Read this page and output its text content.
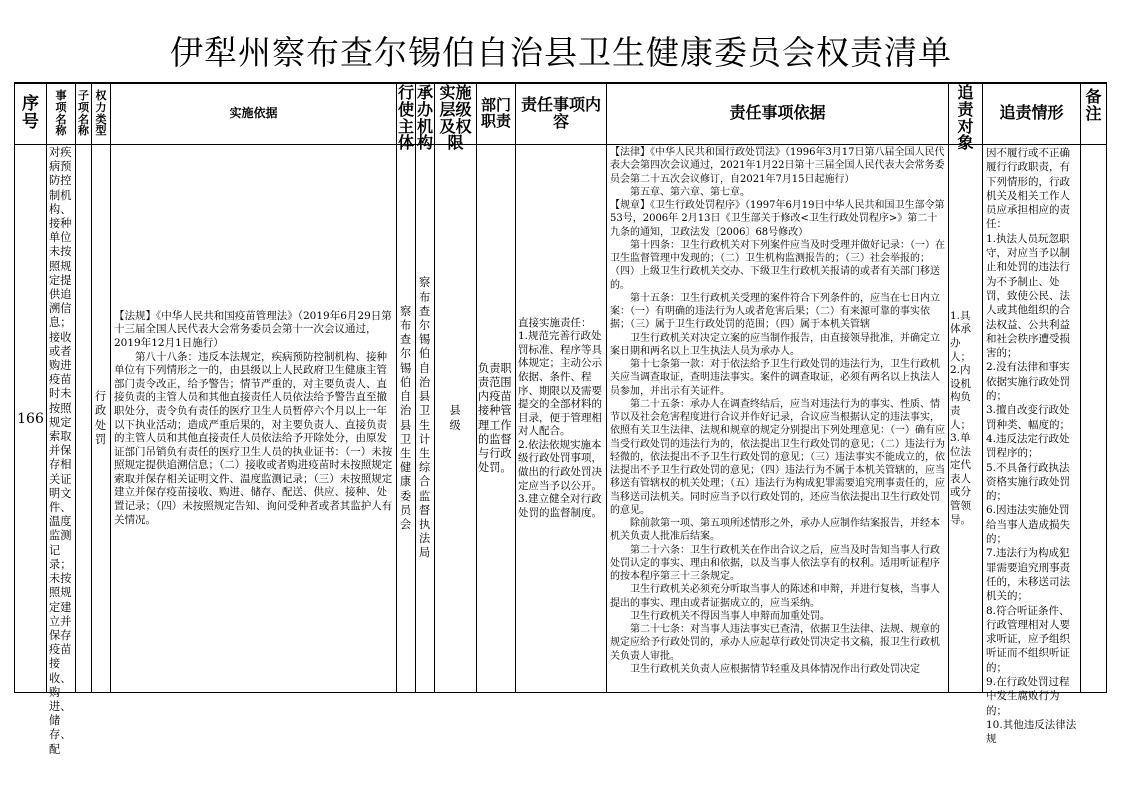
伊犁州察布查尔锡伯自治县卫生健康委员会权责清单
序号
事项名称
子项名称
权力类型
实施依据
行使主体
承办机构
实施层级及权限
部门职责
责任事项内容	责任事项依据
追责对象
追责情形
备注
166
对疾病预防控制机构、接种单位未按照规定提供追溯信息；接收或者购进疫苗时未按照规定索取并保存相关证明文件、温度监测记录；未按照规定建立并保存疫苗接收、购进、储存、配
行政处罚

【法规】《中华人民共和国疫苗管理法》（2019年6月29日第十三届全国人民代表大会常务委员会第十一次会议通过，2019年12月1日施行）

第八十八条：违反本法规定，疾病预防控制机构、接种单位有下列情形之一的，由县级以上人民政府卫生健康主管部门责令改正，给予警告；情节严重的，对主要负责人、直接负责的主管人员和其他直接责任人员依法给予警告直至撤职处分，责令负有责任的医疗卫生人员暂停六个月以上一年以下执业活动；造成严重后果的，对主要负责人、直接负责的主管人员和其他直接责任人员依法给予开除处分，由原发证部门吊销负有责任的医疗卫生人员的执业证书：（一）未按照规定提供追溯信息；（二）接收或者购进疫苗时未按照规定索取并保存相关证明文件、温度监测记录；（三）未按照规定建立并保存疫苗接收、购进、储存、配送、供应、接种、处置记录；（四）未按照规定告知、询问受种者或者其监护人有关情况。

察布查尔锡伯自治县卫生健康委员会
察布查尔锡伯自治县卫生计生综合监督执法局
县级
负责职责范围内疫苗接种管理工作的监督与行政处罚。
直接实施责任：
1.规范完善行政处罚标准、程序等具体规定；主动公示依据、条件、程序、期限以及需要提交的全部材料的目录，便于管理相对人配合。
2.依法依规实施本级行政处罚事项，做出的行政处罚决定应当予以公开。
3.建立健全对行政处罚的监督制度。

【法律】《中华人民共和国行政处罚法》（1996年3月17日第八届全国人民代表大会第四次会议通过，2021年1月22日第十三届全国人民代表大会常务委员会第二十五次会议修订，自2021年7月15日起施行）

第五章、第六章、第七章。

【规章】《卫生行政处罚程序》（1997年6月19日中华人民共和国卫生部令第53号，2006年 2月13日《卫生部关于修改<卫生行政处罚程序>》第二十九条的通知，卫政法发〔2006〕68号修改）

第十四条：卫生行政机关对下列案件应当及时受理并做好记录：（一）在卫生监督管理中发现的；（二）卫生机构监测报告的；（三）社会举报的；（四）上级卫生行政机关交办、下级卫生行政机关报请的或者有关部门移送的。

第十五条：卫生行政机关受理的案件符合下列条件的，应当在七日内立案：（一）有明确的违法行为人或者危害后果；（二）有来源可靠的事实依据；（三）属于卫生行政处罚的范围；（四）属于本机关管辖

卫生行政机关对决定立案的应当制作报告，由直接领导批准，并确定立案日期和两名以上卫生执法人员为承办人。

第十七条第一款：对于依法给予卫生行政处罚的违法行为，卫生行政机关应当调查取证，查明违法事实。案件的调查取证，必须有两名以上执法人员参加，并出示有关证件。

第二十五条：承办人在调查终结后，应当对违法行为的事实、性质、情节以及社会危害程度进行合议并作好记录，合议应当根据认定的违法事实，依照有关卫生法律、法规和规章的规定分别提出下列处理意见：（一）确有应当受行政处罚的违法行为的，依法提出卫生行政处罚的意见；（二）违法行为轻微的，依法提出不予卫生行政处罚的意见；（三）违法事实不能成立的，依法提出不予卫生行政处罚的意见；（四）违法行为不属于本机关管辖的，应当移送有管辖权的机关处理；（五）违法行为构成犯罪需要追究刑事责任的，应当移送司法机关。同时应当予以行政处罚的，还应当依法提出卫生行政处罚的意见。

除前款第一项、第五项所述情形之外，承办人应制作结案报告，并经本机关负责人批准后结案。

第二十六条：卫生行政机关在作出合议之后，应当及时告知当事人行政处罚认定的事实、理由和依据，以及当事人依法享有的权利。适用听证程序的按本程序第三十三条规定。

卫生行政机关必须充分听取当事人的陈述和申辩，并进行复核，当事人提出的事实、理由或者证据成立的，应当采纳。

卫生行政机关不得因当事人申辩而加重处罚。

第二十七条：对当事人违法事实已查清，依据卫生法律、法规、规章的规定应给予行政处罚的，承办人应起草行政处罚决定书文稿，报卫生行政机关负责人审批。

卫生行政机关负责人应根据情节轻重及具体情况作出行政处罚决定

1.具体承办人；
2.内设机构负责人；
3.单位法定代表人或分管领导。
因不履行或不正确履行行政职责，有下列情形的，行政机关及相关工作人员应承担相应的责任：
1.执法人员玩忽职守，对应当予以制止和处罚的违法行为不予制止、处罚，致使公民、法人或其他组织的合法权益、公共利益和社会秩序遭受损害的；
2.没有法律和事实依据实施行政处罚的；
3.擅自改变行政处罚种类、幅度的；
4.违反法定行政处罚程序的；
5.不具备行政执法资格实施行政处罚的；
6.因违法实施处罚给当事人造成损失的；
7.违法行为构成犯罪需要追究刑事责任的，未移送司法机关的；
8.符合听证条件、行政管理相对人要求听证，应予组织听证而不组织听证的；
9.在行政处罚过程中发生腐败行为的；
10.其他违反法律法规
